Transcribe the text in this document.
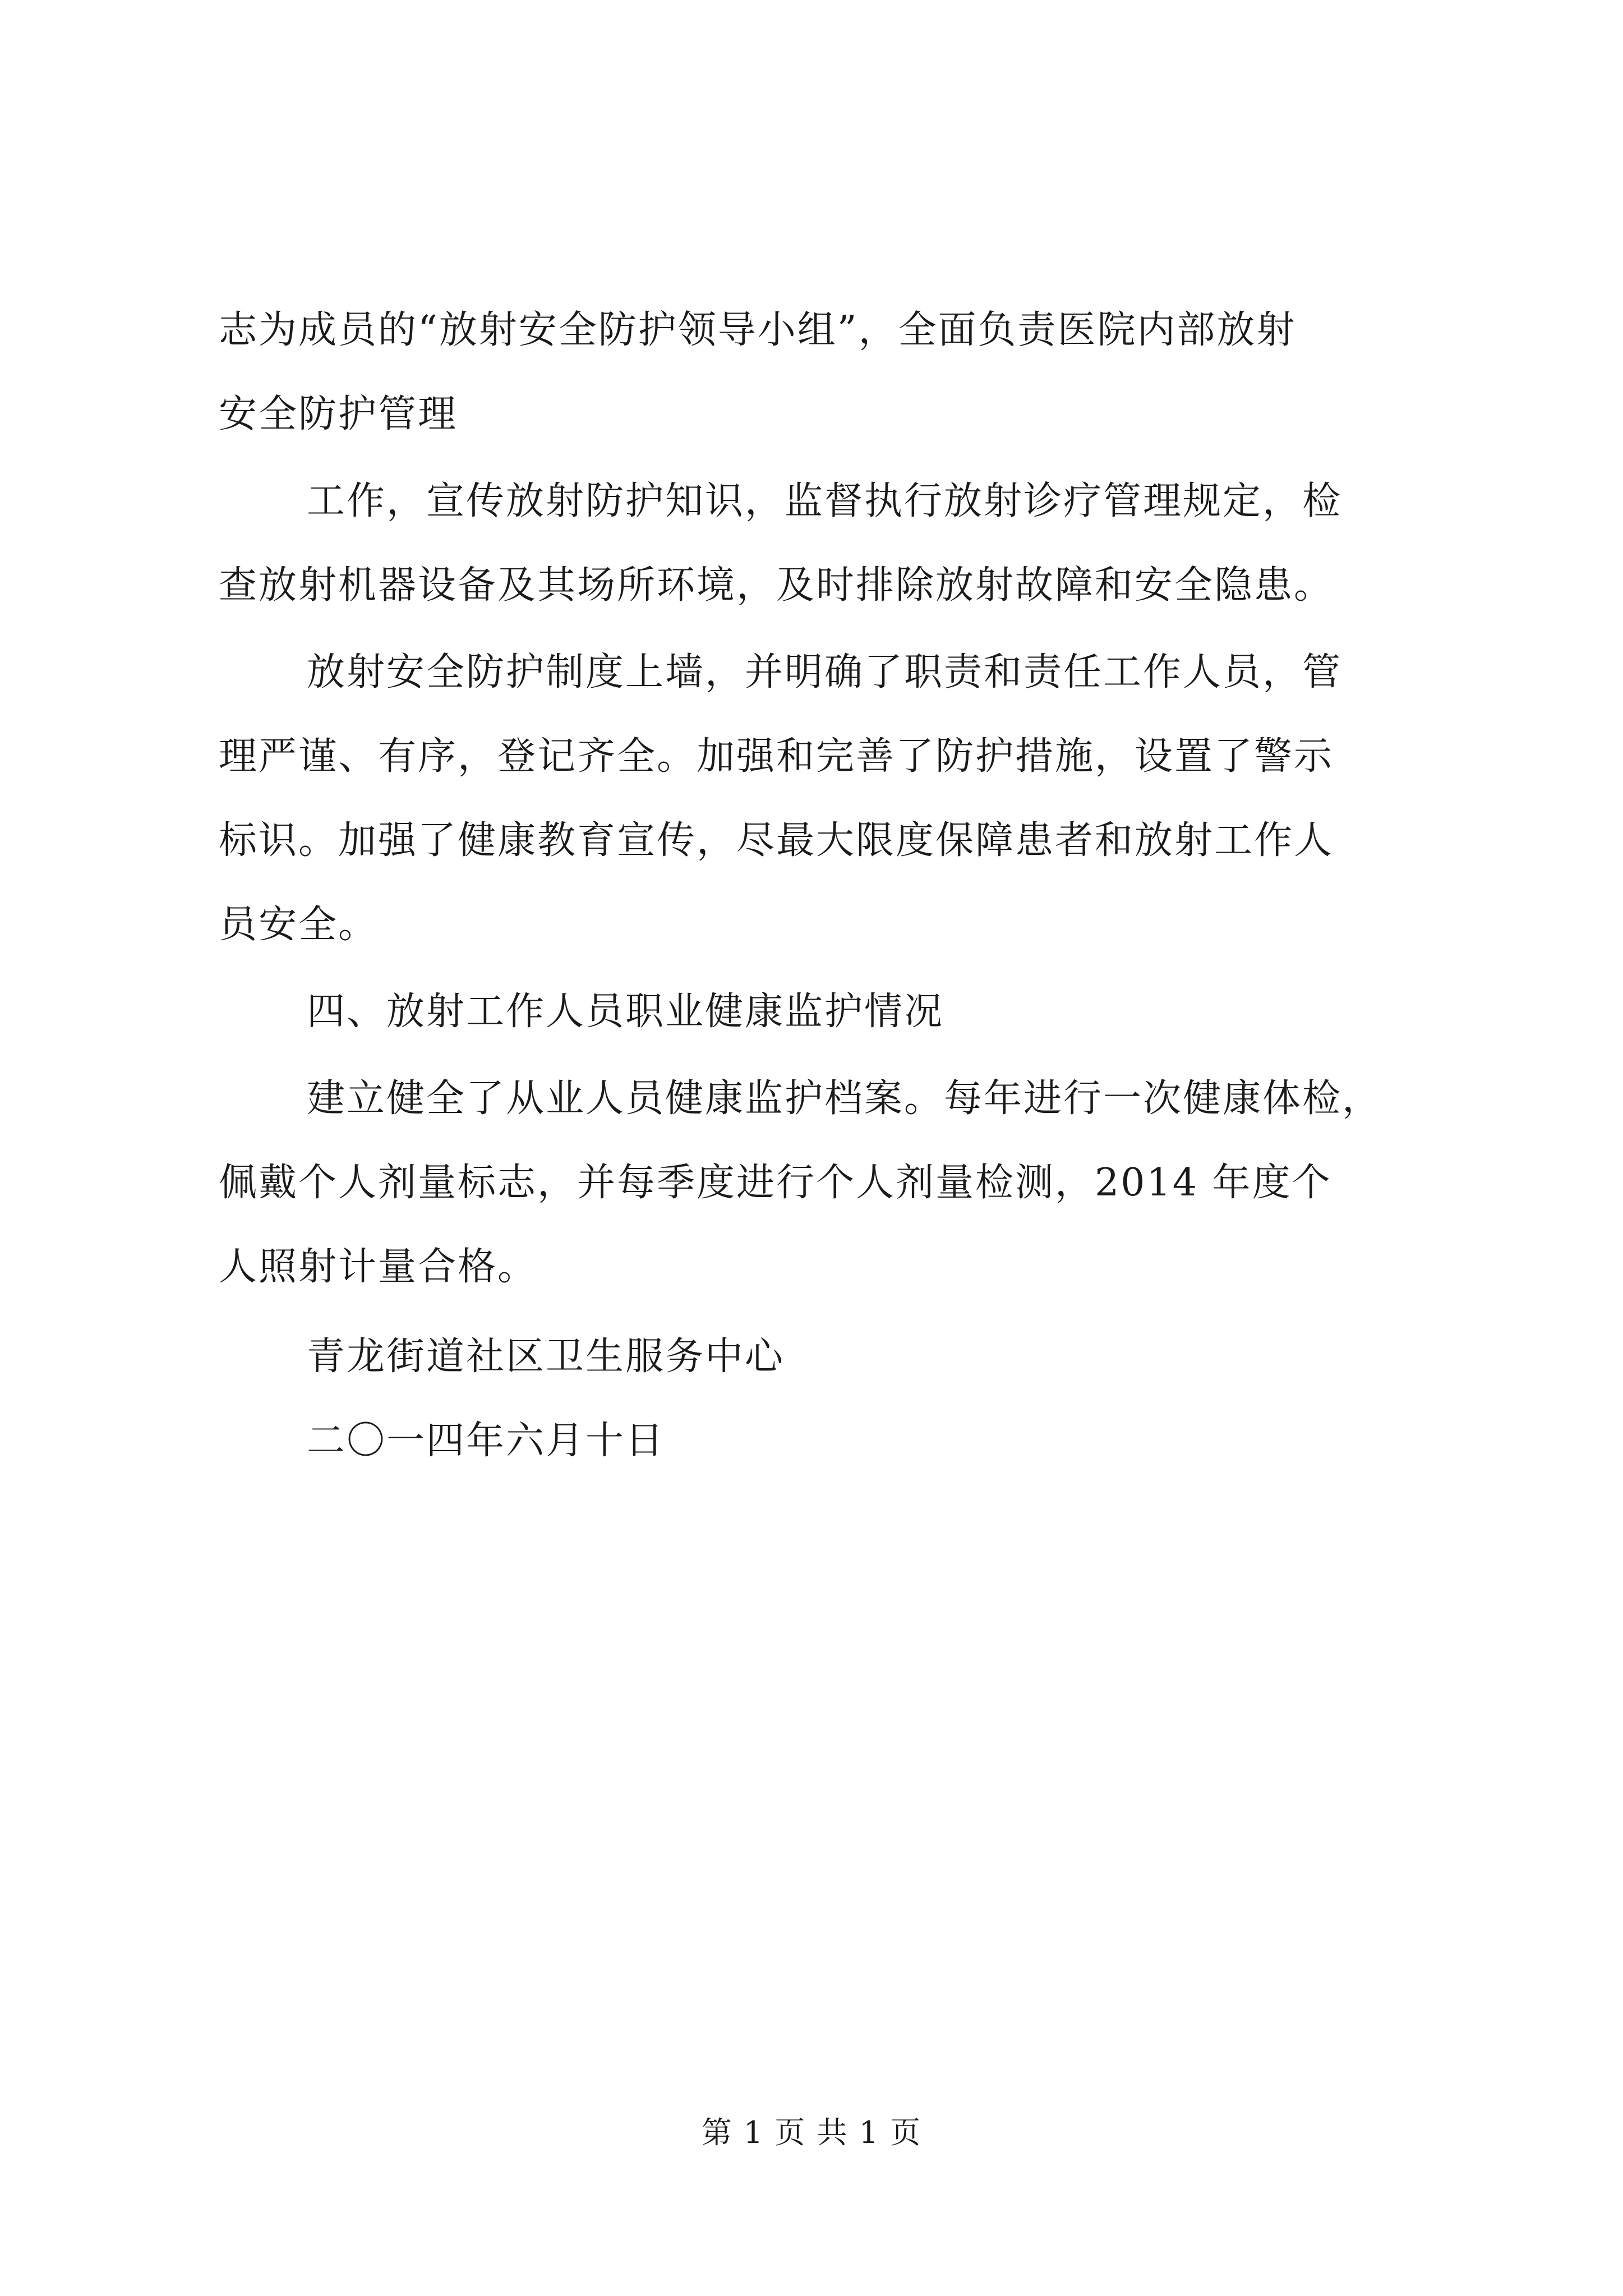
志为成员的“放射安全防护领导小组”，全面负责医院内部放射
安全防护管理
工作，宣传放射防护知识，监督执行放射诊疗管理规定，检
查放射机器设备及其场所环境，及时排除放射故障和安全隐患。
放射安全防护制度上墙，并明确了职责和责任工作人员，管
理严谨、有序，登记齐全。加强和完善了防护措施，设置了警示
标识。加强了健康教育宣传，尽最大限度保障患者和放射工作人
员安全。
四、放射工作人员职业健康监护情况
建立健全了从业人员健康监护档案。每年进行一次健康体检，
佩戴个人剂量标志，并每季度进行个人剂量检测，2014 年度个
人照射计量合格。
青龙街道社区卫生服务中心
二〇一四年六月十日
第 1 页 共 1 页
